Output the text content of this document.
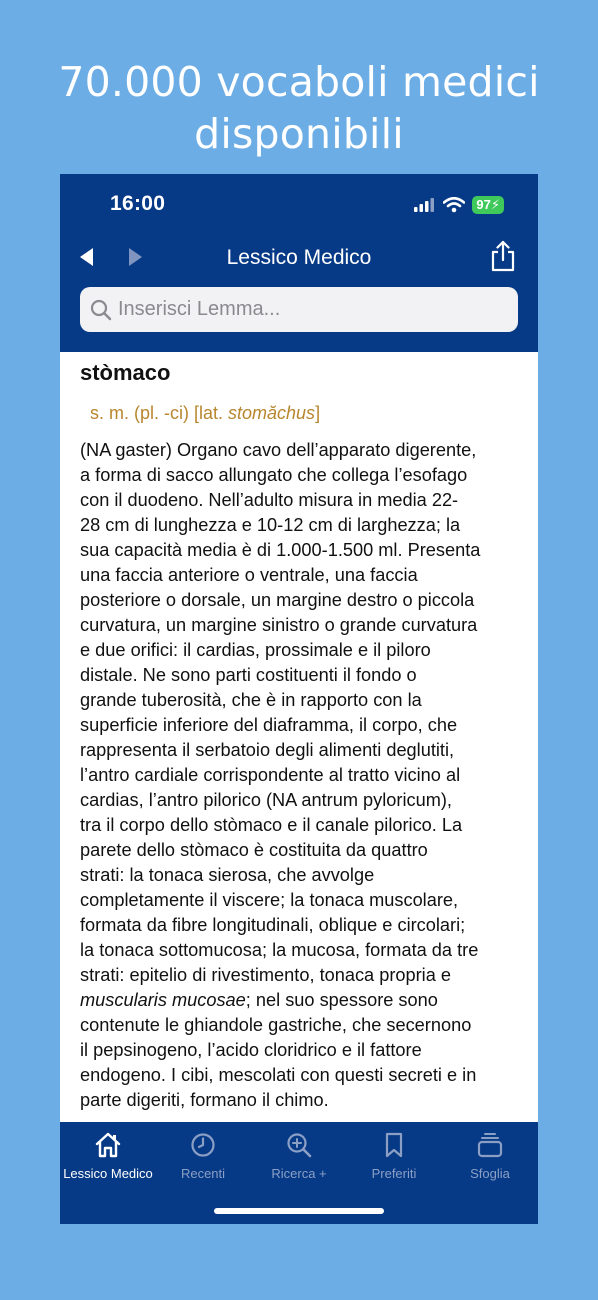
70.000 vocaboli medici
disponibili
16:00	97⚡
Lessico Medico
Inserisci Lemma...
stòmaco
s. m. (pl. -ci) [lat. stomăchus]
(NA gaster) Organo cavo dell’apparato digerente,
a forma di sacco allungato che collega l’esofago
con il duodeno. Nell’adulto misura in media 22-
28 cm di lunghezza e 10-12 cm di larghezza; la
sua capacità media è di 1.000-1.500 ml. Presenta
una faccia anteriore o ventrale, una faccia
posteriore o dorsale, un margine destro o piccola
curvatura, un margine sinistro o grande curvatura
e due orifici: il cardias, prossimale e il piloro
distale. Ne sono parti costituenti il fondo o
grande tuberosità, che è in rapporto con la
superficie inferiore del diaframma, il corpo, che
rappresenta il serbatoio degli alimenti deglutiti,
l’antro cardiale corrispondente al tratto vicino al
cardias, l’antro pilorico (NA antrum pyloricum),
tra il corpo dello stòmaco e il canale pilorico. La
parete dello stòmaco è costituita da quattro
strati: la tonaca sierosa, che avvolge
completamente il viscere; la tonaca muscolare,
formata da fibre longitudinali, oblique e circolari;
la tonaca sottomucosa; la mucosa, formata da tre
strati: epitelio di rivestimento, tonaca propria e
muscularis mucosae; nel suo spessore sono
contenute le ghiandole gastriche, che secernono
il pepsinogeno, l’acido cloridrico e il fattore
endogeno. I cibi, mescolati con questi secreti e in
parte digeriti, formano il chimo.
Lessico Medico	Recenti	Ricerca +	Preferiti	Sfoglia
